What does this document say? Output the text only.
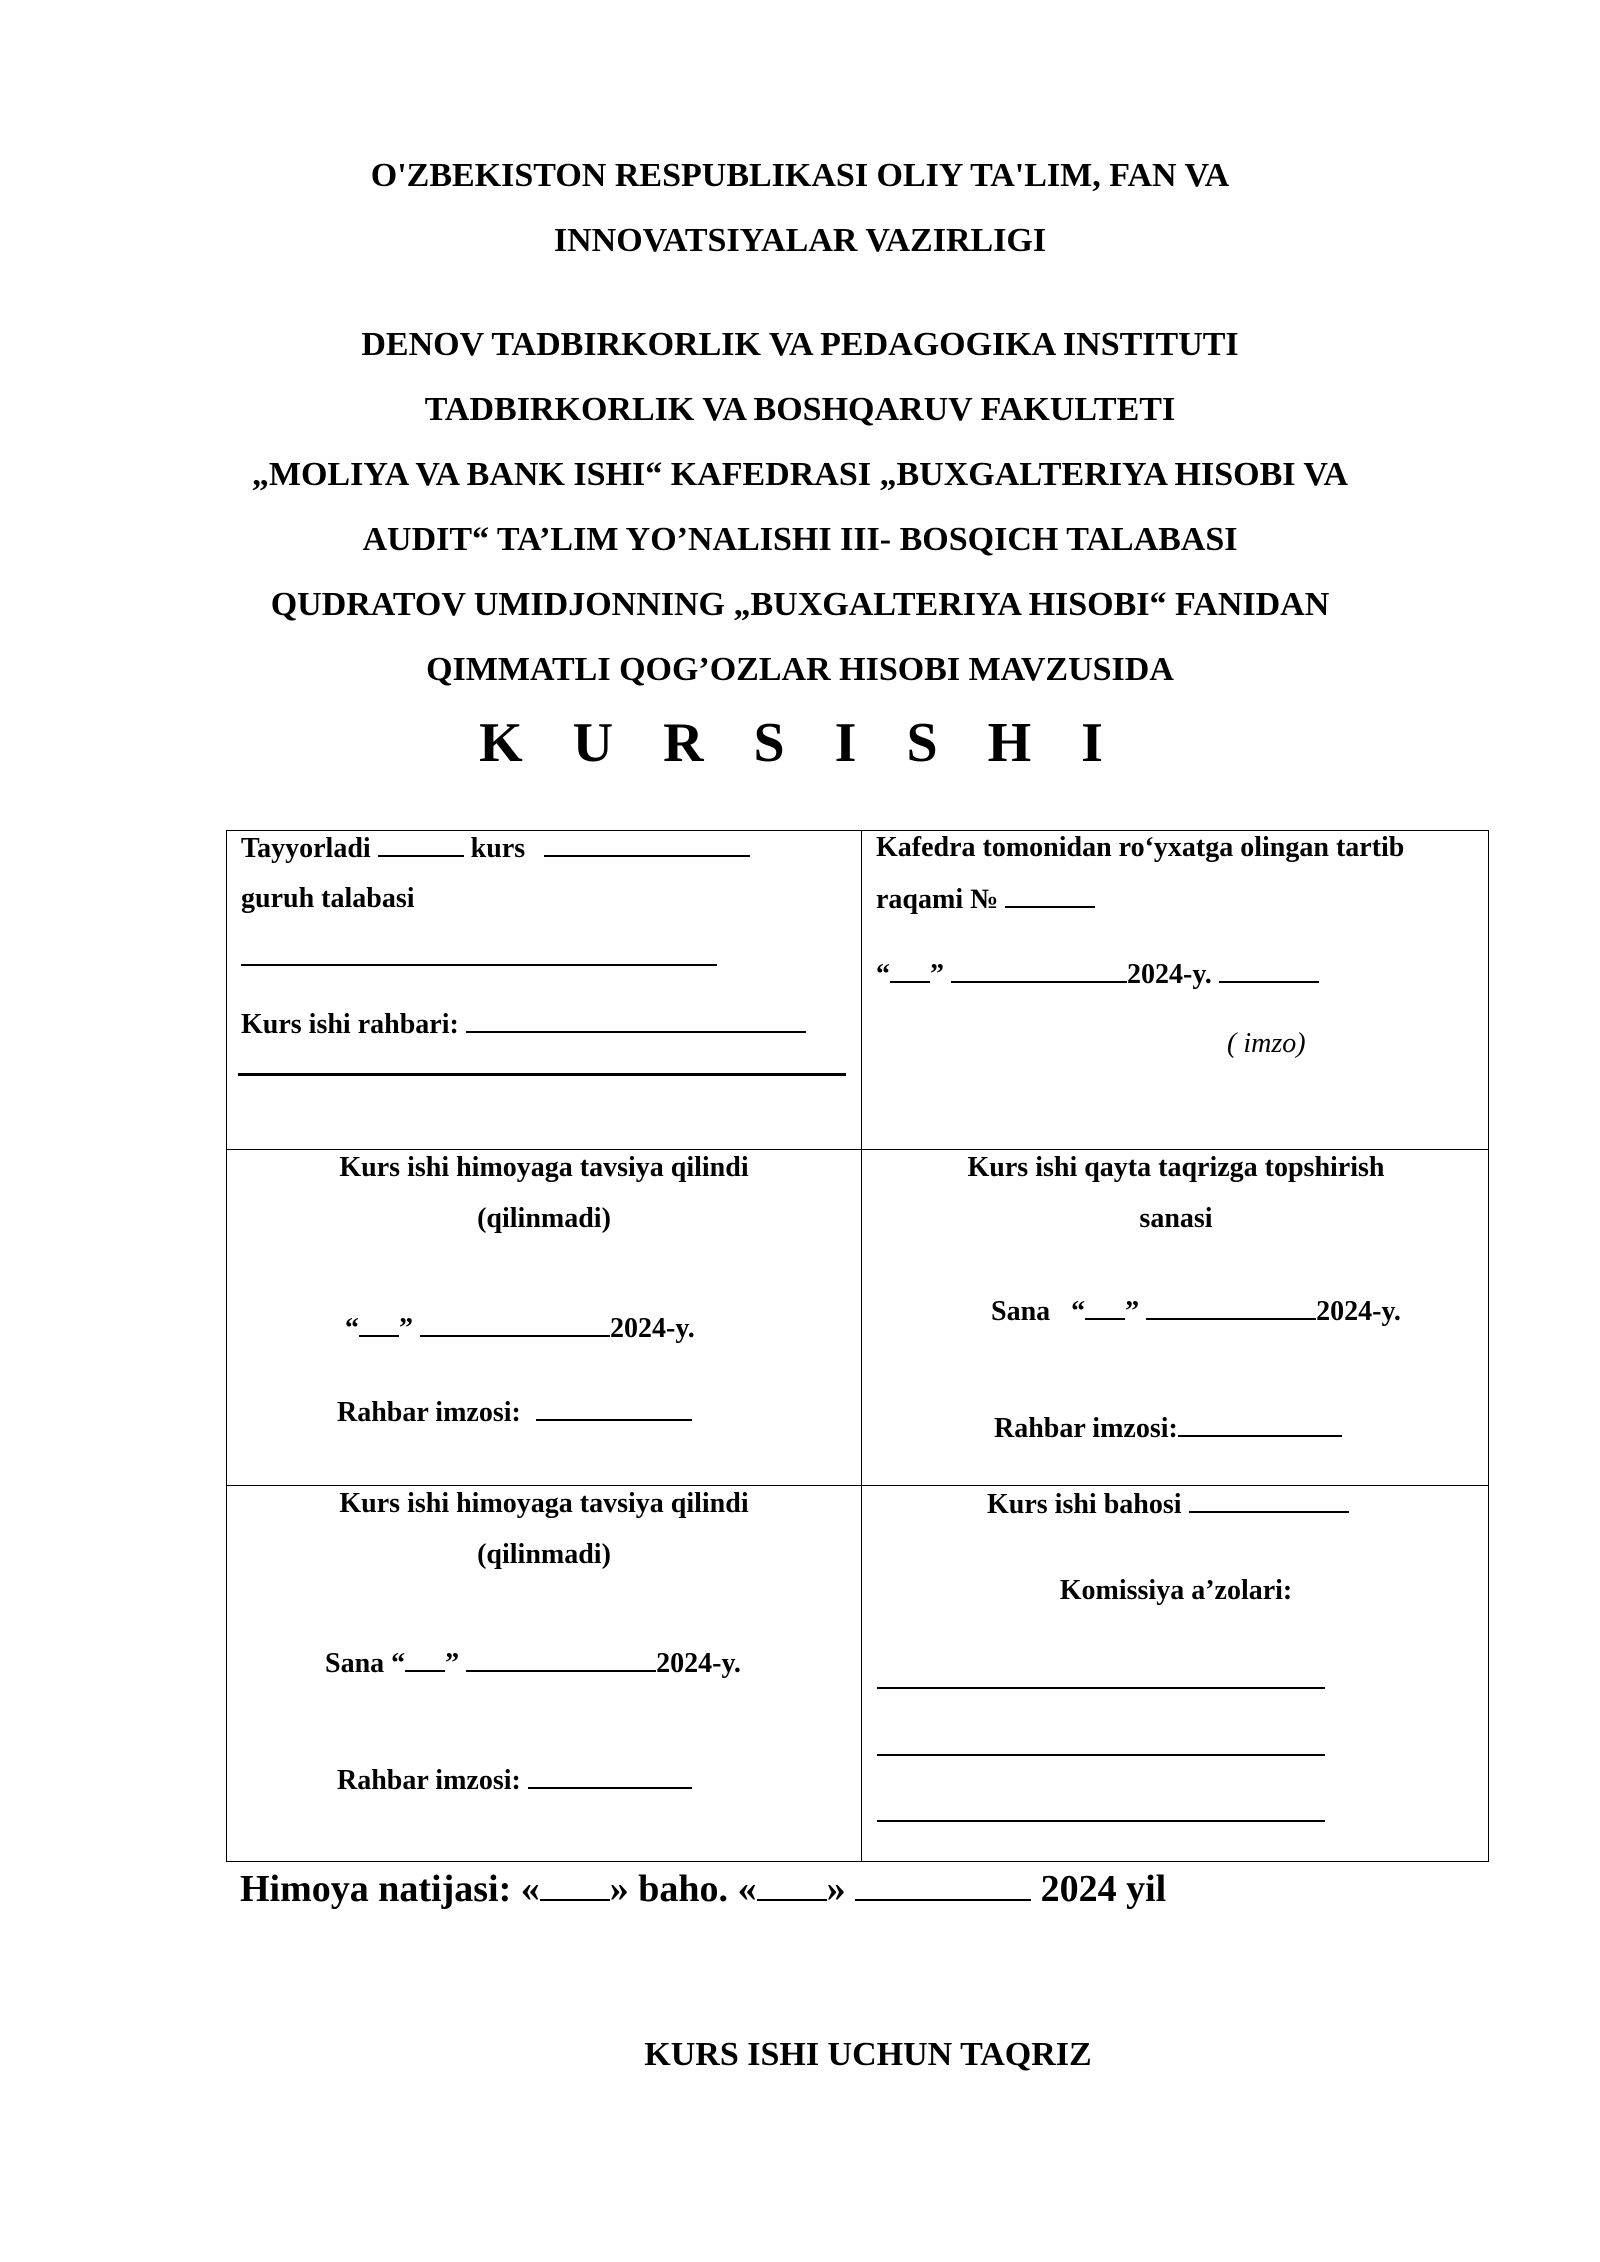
O'ZBEKISTON RESPUBLIKASI OLIY TA'LIM, FAN VA
INNOVATSIYALAR VAZIRLIGI
DENOV TADBIRKORLIK VA PEDAGOGIKA INSTITUTI
TADBIRKORLIK VA BOSHQARUV FAKULTETI
„MOLIYA VA BANK ISHI“ KAFEDRASI „BUXGALTERIYA HISOBI VA
AUDIT“ TA’LIM YO’NALISHI III- BOSQICH TALABASI
QUDRATOV UMIDJONNING „BUXGALTERIYA HISOBI“ FANIDAN
QIMMATLI QOG’OZLAR HISOBI MAVZUSIDA
K U R S I S H I
Tayyorladi	kurs
guruh talabasi
Kurs ishi rahbari:
Kafedra tomonidan ro‘yxatga olingan tartib
raqami №
“ ”	2024-y.
( imzo)
Kurs ishi himoyaga tavsiya qilindi
(qilinmadi)
“ ”	2024-y.
Rahbar imzosi:
Kurs ishi qayta taqrizga topshirish
sanasi
Sana “ ”	2024-y.
Rahbar imzosi:
Kurs ishi himoyaga tavsiya qilindi
(qilinmadi)
Sana “ ”	2024-y.
Rahbar imzosi:
Kurs ishi bahosi
Komissiya a’zolari:
Himoya natijasi: « » baho. « »	2024 yil
KURS ISHI UCHUN TAQRIZ
